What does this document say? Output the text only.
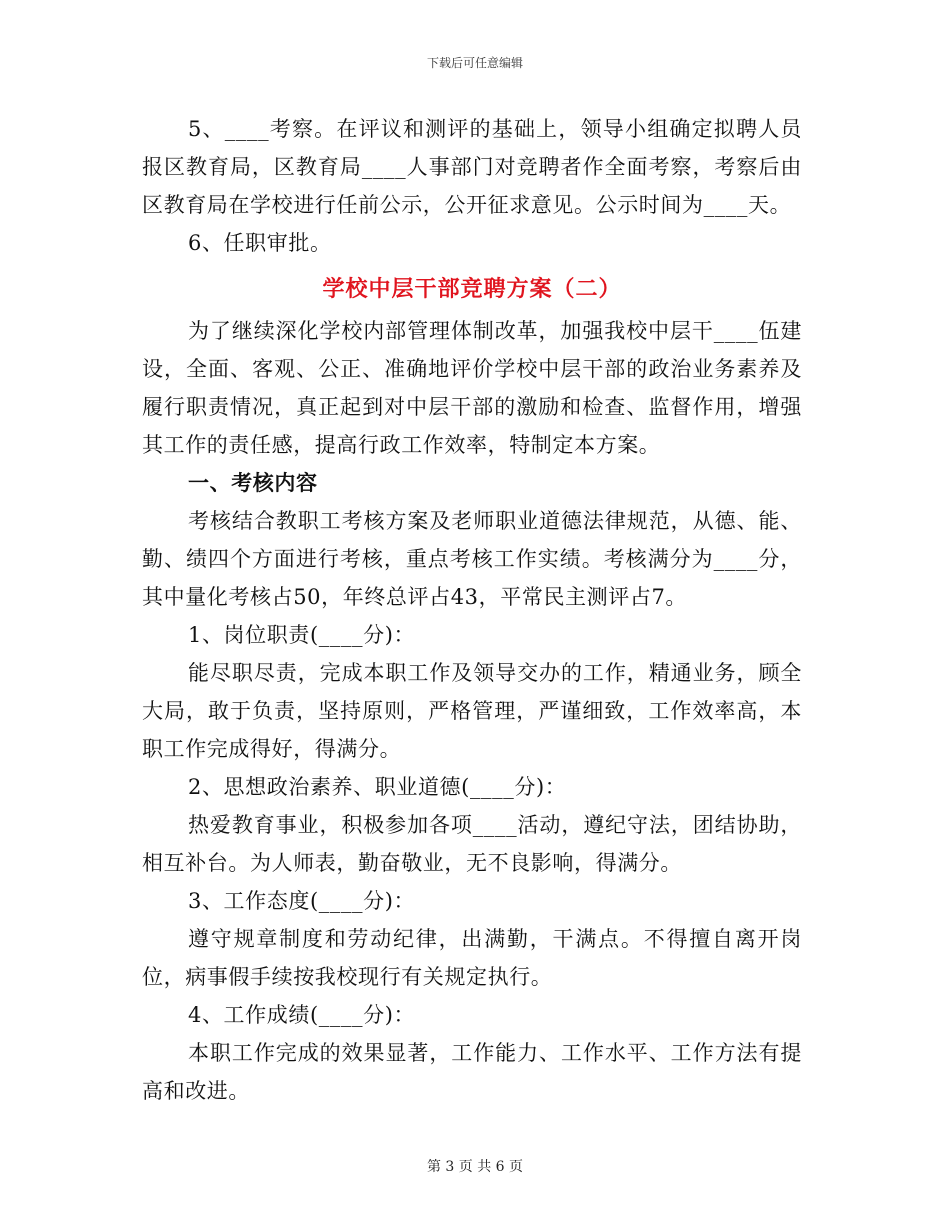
下载后可任意编辑

5、____考察。在评议和测评的基础上，领导小组确定拟聘人员报区教育局，区教育局____人事部门对竞聘者作全面考察，考察后由区教育局在学校进行任前公示，公开征求意见。公示时间为____天。

6、任职审批。

学校中层干部竞聘方案（二）

为了继续深化学校内部管理体制改革，加强我校中层干____伍建设，全面、客观、公正、准确地评价学校中层干部的政治业务素养及履行职责情况，真正起到对中层干部的激励和检查、监督作用，增强其工作的责任感，提高行政工作效率，特制定本方案。

一、考核内容

考核结合教职工考核方案及老师职业道德法律规范，从德、能、勤、绩四个方面进行考核，重点考核工作实绩。考核满分为____分，其中量化考核占50，年终总评占43，平常民主测评占7。

1、岗位职责(____分)：

能尽职尽责，完成本职工作及领导交办的工作，精通业务，顾全大局，敢于负责，坚持原则，严格管理，严谨细致，工作效率高，本职工作完成得好，得满分。

2、思想政治素养、职业道德(____分)：

热爱教育事业，积极参加各项____活动，遵纪守法，团结协助，相互补台。为人师表，勤奋敬业，无不良影响，得满分。

3、工作态度(____分)：

遵守规章制度和劳动纪律，出满勤，干满点。不得擅自离开岗位，病事假手续按我校现行有关规定执行。

4、工作成绩(____分)：

本职工作完成的效果显著，工作能力、工作水平、工作方法有提高和改进。

第 3 页 共 6 页
